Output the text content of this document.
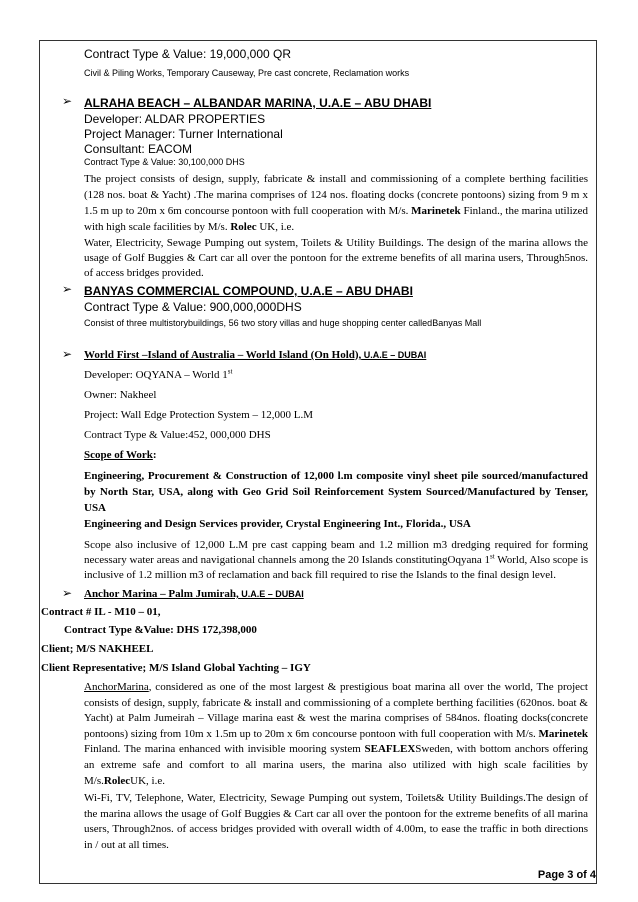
Contract Type & Value: 19,000,000 QR
Civil & Piling Works, Temporary Causeway, Pre cast concrete, Reclamation works
➢ ALRAHA BEACH – ALBANDAR MARINA, U.A.E – ABU DHABI
Developer: ALDAR PROPERTIES
Project Manager: Turner International
Consultant: EACOM
Contract Type & Value: 30,100,000 DHS
The project consists of design, supply, fabricate & install and commissioning of a complete berthing facilities (128 nos. boat & Yacht) .The marina comprises of 124 nos. floating docks (concrete pontoons) sizing from 9 m x 1.5 m up to 20m x 6m concourse pontoon with full cooperation with M/s. Marinetek Finland., the marina utilized with high scale facilities by M/s. Rolec UK, i.e.
Water, Electricity, Sewage Pumping out system, Toilets & Utility Buildings. The design of the marina allows the usage of Golf Buggies & Cart car all over the pontoon for the extreme benefits of all marina users, Through5nos. of access bridges provided.
➢ BANYAS COMMERCIAL COMPOUND, U.A.E – ABU DHABI
Contract Type & Value: 900,000,000DHS
Consist of three multistorybuildings, 56 two story villas and huge shopping center calledBanyas Mall
➢ World First –Island of Australia – World Island (On Hold), U.A.E – DUBAI
Developer: OQYANA – World 1st
Owner: Nakheel
Project: Wall Edge Protection System – 12,000 L.M
Contract Type & Value:452, 000,000 DHS
Scope of Work:
Engineering, Procurement & Construction of 12,000 l.m composite vinyl sheet pile sourced/manufactured by North Star, USA, along with Geo Grid Soil Reinforcement System Sourced/Manufactured by Tenser, USA
Engineering and Design Services provider, Crystal Engineering Int., Florida., USA
Scope also inclusive of 12,000 L.M pre cast capping beam and 1.2 million m3 dredging required for forming necessary water areas and navigational channels among the 20 Islands constitutingOqyana 1st World, Also scope is inclusive of 1.2 million m3 of reclamation and back fill required to rise the Islands to the final design level.
➢ Anchor Marina – Palm Jumirah, U.A.E – DUBAI
Contract # IL - M10 – 01,
Contract Type &Value: DHS 172,398,000
Client; M/S NAKHEEL
Client Representative; M/S Island Global Yachting – IGY
AnchorMarina, considered as one of the most largest & prestigious boat marina all over the world, The project consists of design, supply, fabricate & install and commissioning of a complete berthing facilities (620nos. boat & Yacht) at Palm Jumeirah – Village marina east & west the marina comprises of 584nos. floating docks(concrete pontoons) sizing from 10m x 1.5m up to 20m x 6m concourse pontoon with full cooperation with M/s. Marinetek Finland. The marina enhanced with invisible mooring system SEAFLEXSweden, with bottom anchors offering an extreme safe and comfort to all marina users, the marina also utilized with high scale facilities by M/s.RolecUK, i.e.
Wi-Fi, TV, Telephone, Water, Electricity, Sewage Pumping out system, Toilets& Utility Buildings.The design of the marina allows the usage of Golf Buggies & Cart car all over the pontoon for the extreme benefits of all marina users, Through2nos. of access bridges provided with overall width of 4.00m, to ease the traffic in both directions in / out at all times.
Page 3 of 4
